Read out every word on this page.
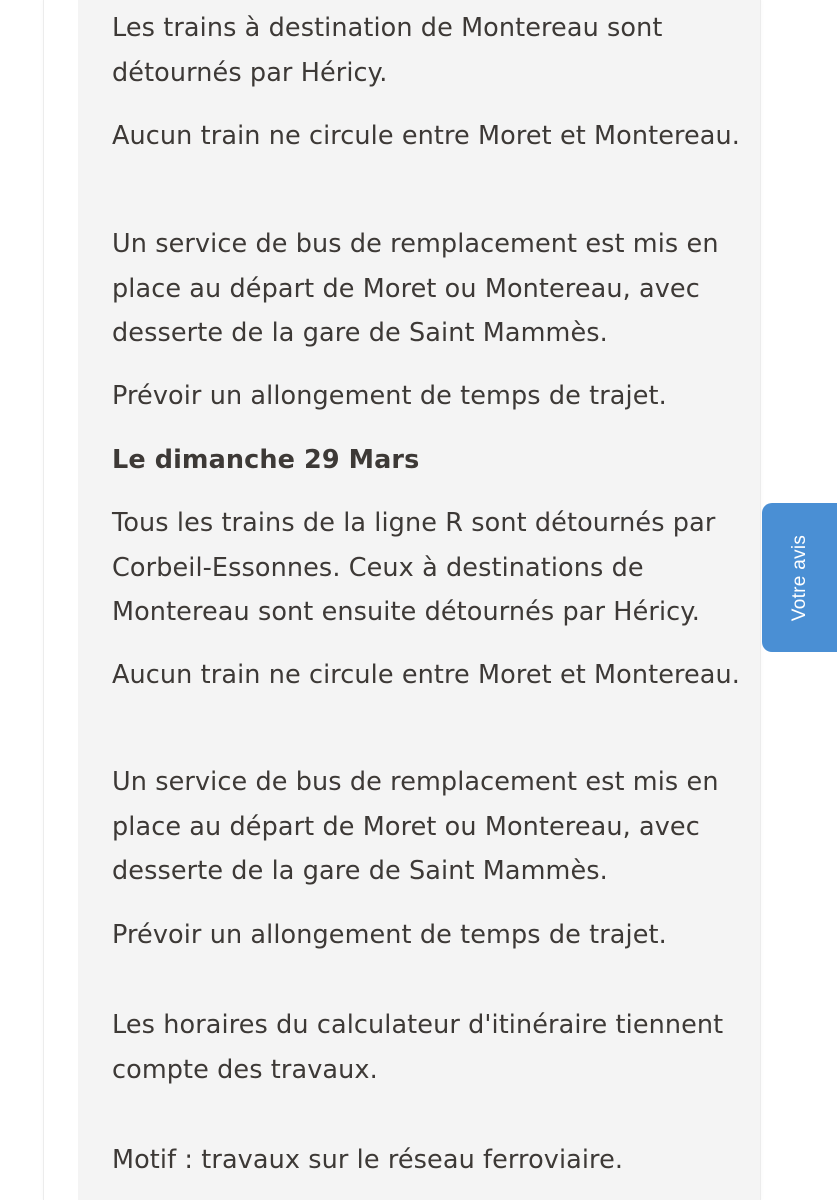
Les trains à destination de Montereau sont détournés par Héricy.

Aucun train ne circule entre Moret et Montereau.

Un service de bus de remplacement est mis en place au départ de Moret ou Montereau, avec desserte de la gare de Saint Mammès.

Prévoir un allongement de temps de trajet.

Le dimanche 29 Mars

Tous les trains de la ligne R sont détournés par Corbeil-Essonnes. Ceux à destinations de Montereau sont ensuite détournés par Héricy.

Aucun train ne circule entre Moret et Montereau.

Un service de bus de remplacement est mis en place au départ de Moret ou Montereau, avec desserte de la gare de Saint Mammès.

Prévoir un allongement de temps de trajet.

Les horaires du calculateur d'itinéraire tiennent compte des travaux.

Motif : travaux sur le réseau ferroviaire.

Votre avis
